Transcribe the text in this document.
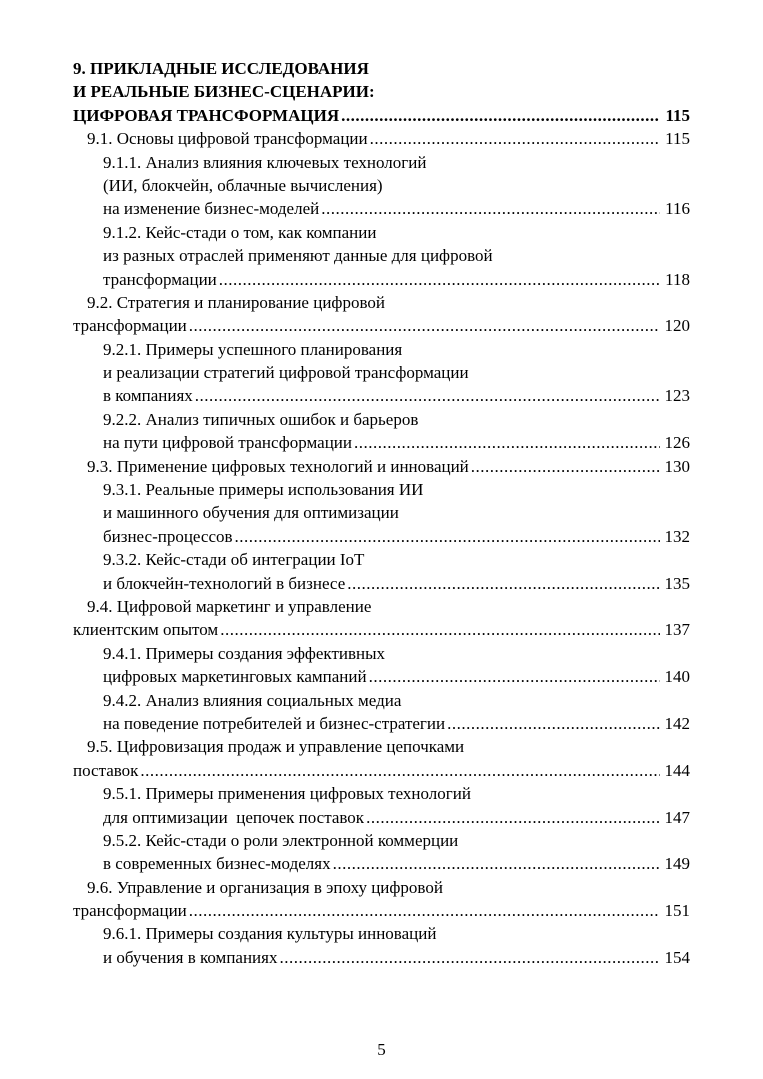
9. ПРИКЛАДНЫЕ ИССЛЕДОВАНИЯ
И РЕАЛЬНЫЕ БИЗНЕС-СЦЕНАРИИ:
ЦИФРОВАЯ ТРАНСФОРМАЦИЯ .....	115
9.1. Основы цифровой трансформации .....	115
9.1.1. Анализ влияния ключевых технологий
(ИИ, блокчейн, облачные вычисления)
на изменение бизнес-моделей .....	116
9.1.2. Кейс-стади о том, как компании
из разных отраслей применяют данные для цифровой
трансформации .....	118
9.2. Стратегия и планирование цифровой
трансформации .....	120
9.2.1. Примеры успешного планирования
и реализации стратегий цифровой трансформации
в компаниях .....	123
9.2.2. Анализ типичных ошибок и барьеров
на пути цифровой трансформации .....	126
9.3. Применение цифровых технологий и инноваций .....	130
9.3.1. Реальные примеры использования ИИ
и машинного обучения для оптимизации
бизнес-процессов .....	132
9.3.2. Кейс-стади об интеграции IoT
и блокчейн-технологий в бизнесе .....	135
9.4. Цифровой маркетинг и управление
клиентским опытом .....	137
9.4.1. Примеры создания эффективных
цифровых маркетинговых кампаний .....	140
9.4.2. Анализ влияния социальных медиа
на поведение потребителей и бизнес-стратегии .....	142
9.5. Цифровизация продаж и управление цепочками
поставок .....	144
9.5.1. Примеры применения цифровых технологий
для оптимизации  цепочек поставок .....	147
9.5.2. Кейс-стади о роли электронной коммерции
в современных бизнес-моделях .....	149
9.6. Управление и организация в эпоху цифровой
трансформации .....	151
9.6.1. Примеры создания культуры инноваций
и обучения в компаниях .....	154
5
